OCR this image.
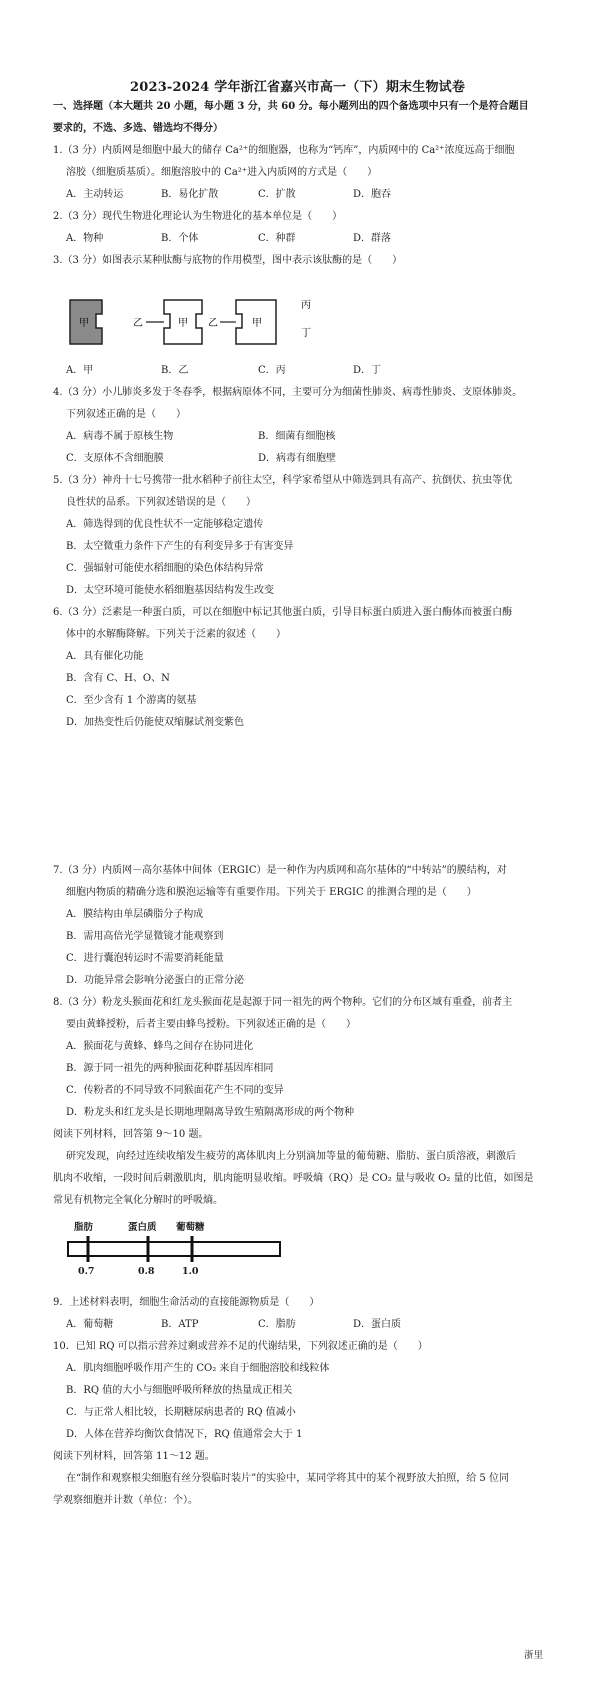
2023-2024 学年浙江省嘉兴市高一（下）期末生物试卷
一、选择题（本大题共 20 小题，每小题 3 分，共 60 分。每小题列出的四个备选项中只有一个是符合题目
要求的，不选、多选、错选均不得分）
1.（3 分）内质网是细胞中最大的储存 Ca²⁺的细胞器，也称为“钙库”，内质网中的 Ca²⁺浓度远高于细胞
溶胶（细胞质基质）。细胞溶胶中的 Ca²⁺进入内质网的方式是（　　）
A．主动转运	B．易化扩散	C．扩散	D．胞吞
2.（3 分）现代生物进化理论认为生物进化的基本单位是（　　）
A．物种	B．个体	C．种群	D．群落
3.（3 分）如图表示某种肽酶与底物的作用模型，图中表示该肽酶的是（　　）
甲	乙	甲 乙	甲
丙
丁
A．甲	B．乙	C．丙	D．丁
4.（3 分）小儿肺炎多发于冬春季，根据病原体不同，主要可分为细菌性肺炎、病毒性肺炎、支原体肺炎。
下列叙述正确的是（　　）
A．病毒不属于原核生物	B．细菌有细胞核
C．支原体不含细胞膜	D．病毒有细胞壁
5.（3 分）神舟十七号携带一批水稻种子前往太空，科学家希望从中筛选到具有高产、抗倒伏、抗虫等优
良性状的品系。下列叙述错误的是（　　）
A．筛选得到的优良性状不一定能够稳定遗传
B．太空微重力条件下产生的有利变异多于有害变异
C．强辐射可能使水稻细胞的染色体结构异常
D．太空环境可能使水稻细胞基因结构发生改变
6.（3 分）泛素是一种蛋白质，可以在细胞中标记其他蛋白质，引导目标蛋白质进入蛋白酶体而被蛋白酶
体中的水解酶降解。下列关于泛素的叙述（　　）
A．具有催化功能
B．含有 C、H、O、N
C．至少含有 1 个游离的氨基
D．加热变性后仍能使双缩脲试剂变紫色
7.（3 分）内质网－高尔基体中间体（ERGIC）是一种作为内质网和高尔基体的“中转站”的膜结构，对
细胞内物质的精确分选和膜泡运输等有重要作用。下列关于 ERGIC 的推测合理的是（　　）
A．膜结构由单层磷脂分子构成
B．需用高倍光学显微镜才能观察到
C．进行囊泡转运时不需要消耗能量
D．功能异常会影响分泌蛋白的正常分泌
8.（3 分）粉龙头猴面花和红龙头猴面花是起源于同一祖先的两个物种。它们的分布区域有重叠，前者主
要由黄蜂授粉，后者主要由蜂鸟授粉。下列叙述正确的是（　　）
A．猴面花与黄蜂、蜂鸟之间存在协同进化
B．源于同一祖先的两种猴面花种群基因库相同
C．传粉者的不同导致不同猴面花产生不同的变异
D．粉龙头和红龙头是长期地理隔离导致生殖隔离形成的两个物种
阅读下列材料，回答第 9～10 题。
研究发现，向经过连续收缩发生疲劳的离体肌肉上分别滴加等量的葡萄糖、脂肪、蛋白质溶液，刺激后
肌肉不收缩，一段时间后刺激肌肉，肌肉能明显收缩。呼吸熵（RQ）是 CO₂ 量与吸收 O₂ 量的比值，如图是
常见有机物完全氧化分解时的呼吸熵。
脂肪	蛋白质 葡萄糖
0.7	0.8	1.0
9．上述材料表明，细胞生命活动的直接能源物质是（　　）
A．葡萄糖	B．ATP	C．脂肪	D．蛋白质
10．已知 RQ 可以指示营养过剩或营养不足的代谢结果，下列叙述正确的是（　　）
A．肌肉细胞呼吸作用产生的 CO₂ 来自于细胞溶胶和线粒体
B．RQ 值的大小与细胞呼吸所释放的热量成正相关
C．与正常人相比较，长期糖尿病患者的 RQ 值减小
D．人体在营养均衡饮食情况下，RQ 值通常会大于 1
阅读下列材料，回答第 11～12 题。
在“制作和观察根尖细胞有丝分裂临时装片”的实验中，某同学将其中的某个视野放大拍照，给 5 位同
学观察细胞并计数（单位：个）。
浙里
